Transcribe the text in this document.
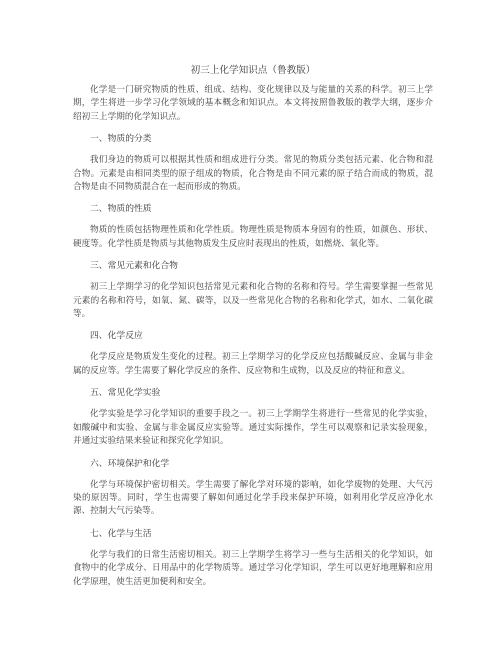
初三上化学知识点（鲁教版）

化学是一门研究物质的性质、组成、结构、变化规律以及与能量的关系的科学。初三上学期，学生将进一步学习化学领域的基本概念和知识点。本文将按照鲁教版的教学大纲，逐步介绍初三上学期的化学知识点。

一、物质的分类

我们身边的物质可以根据其性质和组成进行分类。常见的物质分类包括元素、化合物和混合物。元素是由相同类型的原子组成的物质，化合物是由不同元素的原子结合而成的物质，混合物是由不同物质混合在一起而形成的物质。

二、物质的性质

物质的性质包括物理性质和化学性质。物理性质是物质本身固有的性质，如颜色、形状、硬度等。化学性质是物质与其他物质发生反应时表现出的性质，如燃烧、氧化等。

三、常见元素和化合物

初三上学期学习的化学知识包括常见元素和化合物的名称和符号。学生需要掌握一些常见元素的名称和符号，如氧、氮、碳等，以及一些常见化合物的名称和化学式，如水、二氧化碳等。

四、化学反应

化学反应是物质发生变化的过程。初三上学期学习的化学反应包括酸碱反应、金属与非金属的反应等。学生需要了解化学反应的条件、反应物和生成物，以及反应的特征和意义。

五、常见化学实验

化学实验是学习化学知识的重要手段之一。初三上学期学生将进行一些常见的化学实验，如酸碱中和实验、金属与非金属反应实验等。通过实际操作，学生可以观察和记录实验现象，并通过实验结果来验证和探究化学知识。

六、环境保护和化学

化学与环境保护密切相关。学生需要了解化学对环境的影响，如化学废物的处理、大气污染的原因等。同时，学生也需要了解如何通过化学手段来保护环境，如利用化学反应净化水源、控制大气污染等。

七、化学与生活

化学与我们的日常生活密切相关。初三上学期学生将学习一些与生活相关的化学知识，如食物中的化学成分、日用品中的化学物质等。通过学习化学知识，学生可以更好地理解和应用化学原理，使生活更加便利和安全。
